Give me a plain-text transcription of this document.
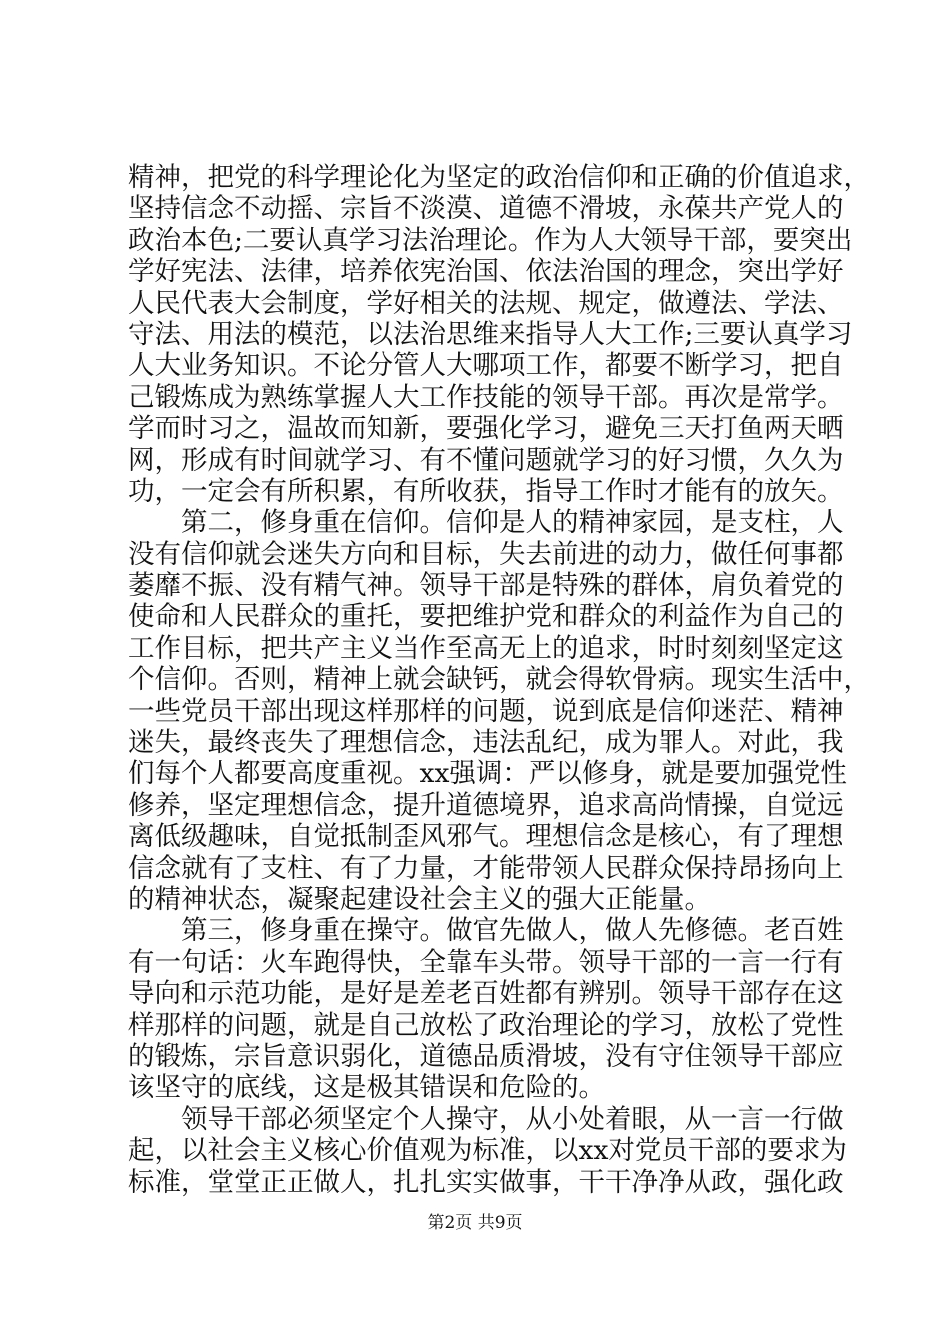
精神，把党的科学理论化为坚定的政治信仰和正确的价值追求，
坚持信念不动摇、宗旨不淡漠、道德不滑坡，永葆共产党人的
政治本色;二要认真学习法治理论。作为人大领导干部，要突出
学好宪法、法律，培养依宪治国、依法治国的理念，突出学好
人民代表大会制度，学好相关的法规、规定，做遵法、学法、
守法、用法的模范，以法治思维来指导人大工作;三要认真学习
人大业务知识。不论分管人大哪项工作，都要不断学习，把自
己锻炼成为熟练掌握人大工作技能的领导干部。再次是常学。
学而时习之，温故而知新，要强化学习，避免三天打鱼两天晒
网，形成有时间就学习、有不懂问题就学习的好习惯，久久为
功，一定会有所积累，有所收获，指导工作时才能有的放矢。
第二，修身重在信仰。信仰是人的精神家园，是支柱，人
没有信仰就会迷失方向和目标，失去前进的动力，做任何事都
萎靡不振、没有精气神。领导干部是特殊的群体，肩负着党的
使命和人民群众的重托，要把维护党和群众的利益作为自己的
工作目标，把共产主义当作至高无上的追求，时时刻刻坚定这
个信仰。否则，精神上就会缺钙，就会得软骨病。现实生活中，
一些党员干部出现这样那样的问题，说到底是信仰迷茫、精神
迷失，最终丧失了理想信念，违法乱纪，成为罪人。对此，我
们每个人都要高度重视。xx强调：严以修身，就是要加强党性
修养，坚定理想信念，提升道德境界，追求高尚情操，自觉远
离低级趣味，自觉抵制歪风邪气。理想信念是核心，有了理想
信念就有了支柱、有了力量，才能带领人民群众保持昂扬向上
的精神状态，凝聚起建设社会主义的强大正能量。
第三，修身重在操守。做官先做人，做人先修德。老百姓
有一句话：火车跑得快，全靠车头带。领导干部的一言一行有
导向和示范功能，是好是差老百姓都有辨别。领导干部存在这
样那样的问题，就是自己放松了政治理论的学习，放松了党性
的锻炼，宗旨意识弱化，道德品质滑坡，没有守住领导干部应
该坚守的底线，这是极其错误和危险的。
领导干部必须坚定个人操守，从小处着眼，从一言一行做
起，以社会主义核心价值观为标准，以xx对党员干部的要求为
标准，堂堂正正做人，扎扎实实做事，干干净净从政，强化政
第2页 共9页
